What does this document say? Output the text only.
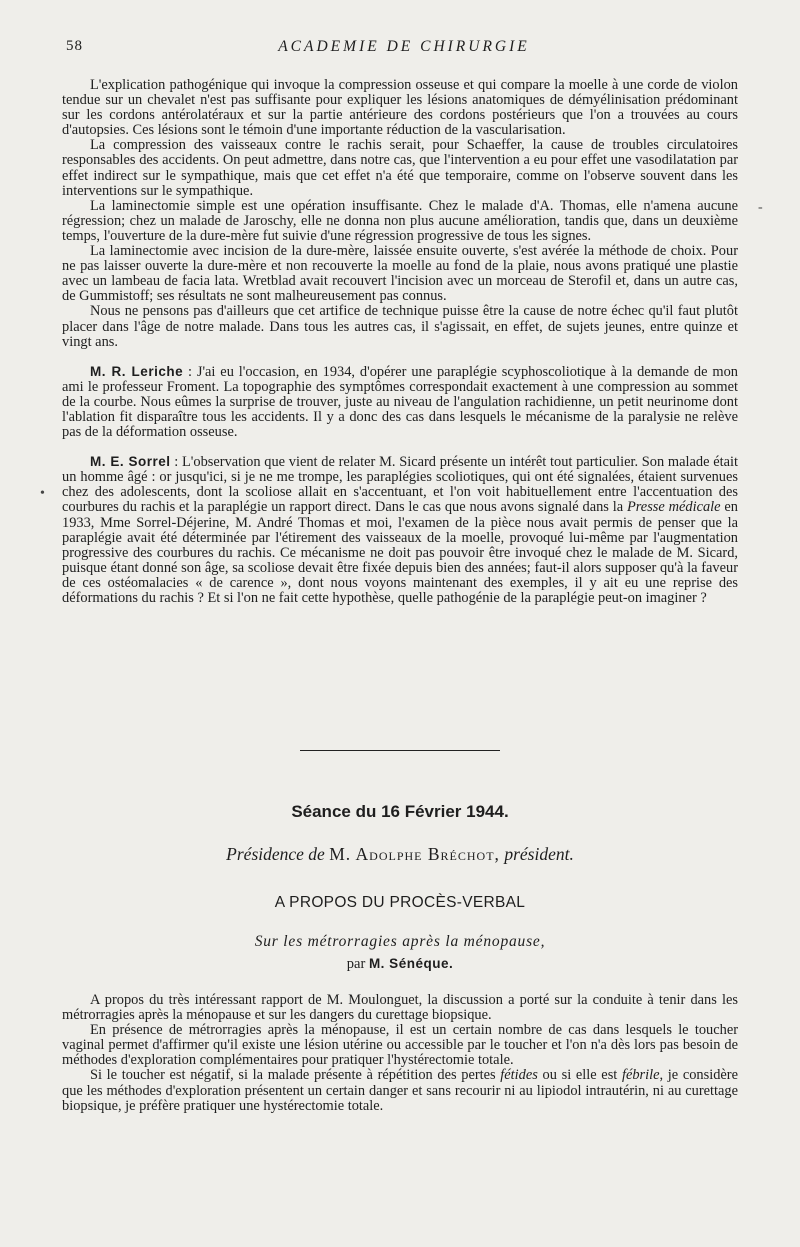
58	ACADEMIE DE CHIRURGIE

L'explication pathogénique qui invoque la compression osseuse et qui compare la moelle à une corde de violon tendue sur un chevalet n'est pas suffisante pour expliquer les lésions anatomiques de démyélinisation prédominant sur les cordons antérolatéraux et sur la partie antérieure des cordons postérieurs que l'on a trouvées au cours d'autopsies. Ces lésions sont le témoin d'une importante réduction de la vascularisation.

La compression des vaisseaux contre le rachis serait, pour Schaeffer, la cause de troubles circulatoires responsables des accidents. On peut admettre, dans notre cas, que l'intervention a eu pour effet une vasodilatation par effet indirect sur le sympathique, mais que cet effet n'a été que temporaire, comme on l'observe souvent dans les interventions sur le sympathique.

La laminectomie simple est une opération insuffisante. Chez le malade d'A. Thomas, elle n'amena aucune régression; chez un malade de Jaroschy, elle ne donna non plus aucune amélioration, tandis que, dans un deuxième temps, l'ouverture de la dure-mère fut suivie d'une régression progressive de tous les signes.

La laminectomie avec incision de la dure-mère, laissée ensuite ouverte, s'est avérée la méthode de choix. Pour ne pas laisser ouverte la dure-mère et non recouverte la moelle au fond de la plaie, nous avons pratiqué une plastie avec un lambeau de facia lata. Wretblad avait recouvert l'incision avec un morceau de Sterofil et, dans un autre cas, de Gummistoff; ses résultats ne sont malheureusement pas connus.

Nous ne pensons pas d'ailleurs que cet artifice de technique puisse être la cause de notre échec qu'il faut plutôt placer dans l'âge de notre malade. Dans tous les autres cas, il s'agissait, en effet, de sujets jeunes, entre quinze et vingt ans.

M. R. Leriche : J'ai eu l'occasion, en 1934, d'opérer une paraplégie scyphoscoliotique à la demande de mon ami le professeur Froment. La topographie des symptômes correspondait exactement à une compression au sommet de la courbe. Nous eûmes la surprise de trouver, juste au niveau de l'angulation rachidienne, un petit neurinome dont l'ablation fit disparaître tous les accidents. Il y a donc des cas dans lesquels le mécanisme de la paralysie ne relève pas de la déformation osseuse.

M. E. Sorrel : L'observation que vient de relater M. Sicard présente un intérêt tout particulier. Son malade était un homme âgé : or jusqu'ici, si je ne me trompe, les paraplégies scoliotiques, qui ont été signalées, étaient survenues chez des adolescents, dont la scoliose allait en s'accentuant, et l'on voit habituellement entre l'accentuation des courbures du rachis et la paraplégie un rapport direct. Dans le cas que nous avons signalé dans la Presse médicale en 1933, Mme Sorrel-Déjerine, M. André Thomas et moi, l'examen de la pièce nous avait permis de penser que la paraplégie avait été déterminée par l'étirement des vaisseaux de la moelle, provoqué lui-même par l'augmentation progressive des courbures du rachis. Ce mécanisme ne doit pas pouvoir être invoqué chez le malade de M. Sicard, puisque étant donné son âge, sa scoliose devait être fixée depuis bien des années; faut-il alors supposer qu'à la faveur de ces ostéomalacies « de carence », dont nous voyons maintenant des exemples, il y ait eu une reprise des déformations du rachis ? Et si l'on ne fait cette hypothèse, quelle pathogénie de la paraplégie peut-on imaginer ?

Séance du 16 Février 1944.
Présidence de M. Adolphe Bréchot, président.
A PROPOS DU PROCÈS-VERBAL
Sur les métrorragies après la ménopause,
par M. Sénéque.

A propos du très intéressant rapport de M. Moulonguet, la discussion a porté sur la conduite à tenir dans les métrorragies après la ménopause et sur les dangers du curettage biopsique.

En présence de métrorragies après la ménopause, il est un certain nombre de cas dans lesquels le toucher vaginal permet d'affirmer qu'il existe une lésion utérine ou accessible par le toucher et l'on n'a dès lors pas besoin de méthodes d'exploration complémentaires pour pratiquer l'hystérectomie totale.

Si le toucher est négatif, si la malade présente à répétition des pertes fétides ou si elle est fébrile, je considère que les méthodes d'exploration présentent un certain danger et sans recourir ni au lipiodol intrautérin, ni au curettage biopsique, je préfère pratiquer une hystérectomie totale.

•
-
